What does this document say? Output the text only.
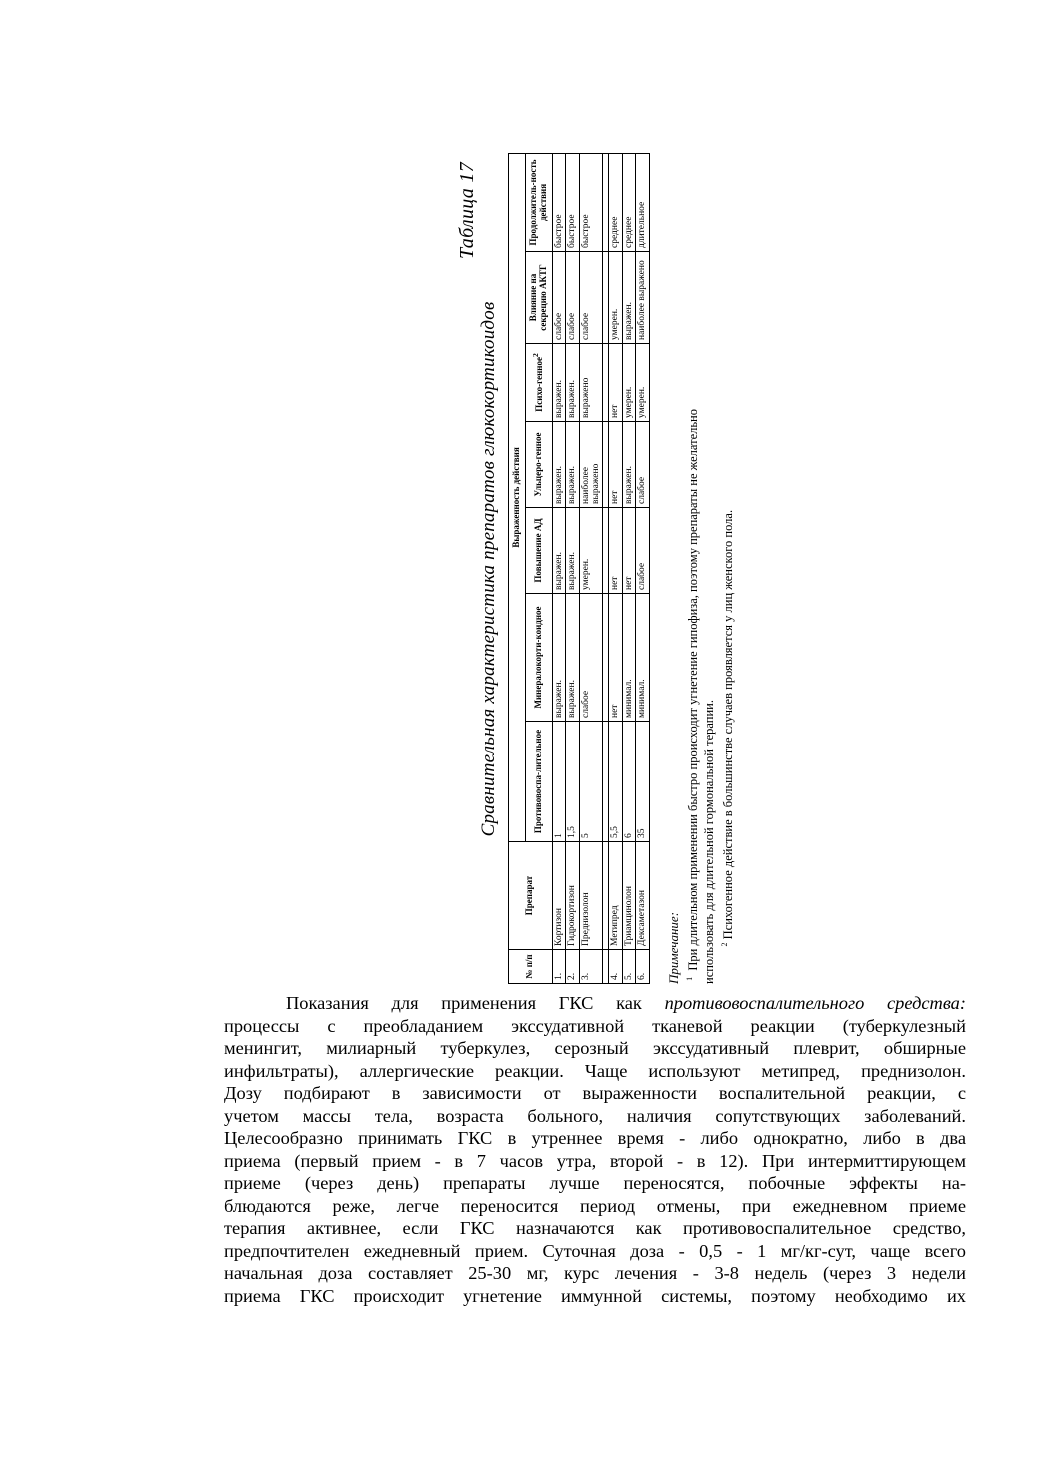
Таблица 17
Сравнительная характеристика препаратов глюкокортикоидов
№ п/п	Препарат	Выраженность действия						
		Противовоспа-лительное	Минералокорти-коидное	Повышение АД	Ульцеро-генное	Психо-генное$^2$	Влияние на секрецию АКТГ	Продолжитель-ность действия
1.	Кортизон	1	выражен.	выражен.	выражен.	выражен.	слабое	быстрое
2.	Гидрокортизон	1,5	выражен.	выражен.	выражен.	выражен.	слабое	быстрое
3.	Преднизолон	5	слабое	умерен.	наиболее выражено	выражено	слабое	быстрое

4.	Метипред	5,5	нет	нет	нет	нет	умерен.	среднее
5.	Триамцинолон	6	минимал.	нет	выражен.	умерен.	выражен.	среднее
6.	Дексаметазон	35	минимал.	слабое	слабое	умерен.	наиболее выражено	длительное
Примечание: $^1$  При длительном применении быстро происходит угнетение гипофиза, поэтому препараты не желательно использовать для длительной гормональной терапии. $^2$ Психогенное действие в большинстве случаев проявляется у лиц женского пола.
Показания для применения ГКС как противовоспалительного средства:
процессы с преобладанием экссудативной тканевой реакции (туберкулезный
менингит, милиарный туберкулез, серозный экссудативный плеврит, обширные
инфильтраты), аллергические реакции. Чаще используют метипред, преднизолон.
Дозу подбирают в зависимости от выраженности воспалительной реакции, с
учетом массы тела, возраста больного, наличия сопутствующих заболеваний.
Целесообразно принимать ГКС в утреннее время - либо однократно, либо в два
приема (первый прием - в 7 часов утра, второй - в 12). При интермиттирующем
приеме (через день) препараты лучше переносятся, побочные эффекты на-
блюдаются реже, легче переносится период отмены, при ежедневном приеме
терапия активнее, если ГКС назначаются как противовоспалительное средство,
предпочтителен ежедневный прием. Суточная доза - 0,5 - 1 мг/кг-сут, чаще всего
начальная доза составляет 25-30 мг, курс лечения - 3-8 недель (через 3 недели
приема ГКС происходит угнетение иммунной системы, поэтому необходимо их
